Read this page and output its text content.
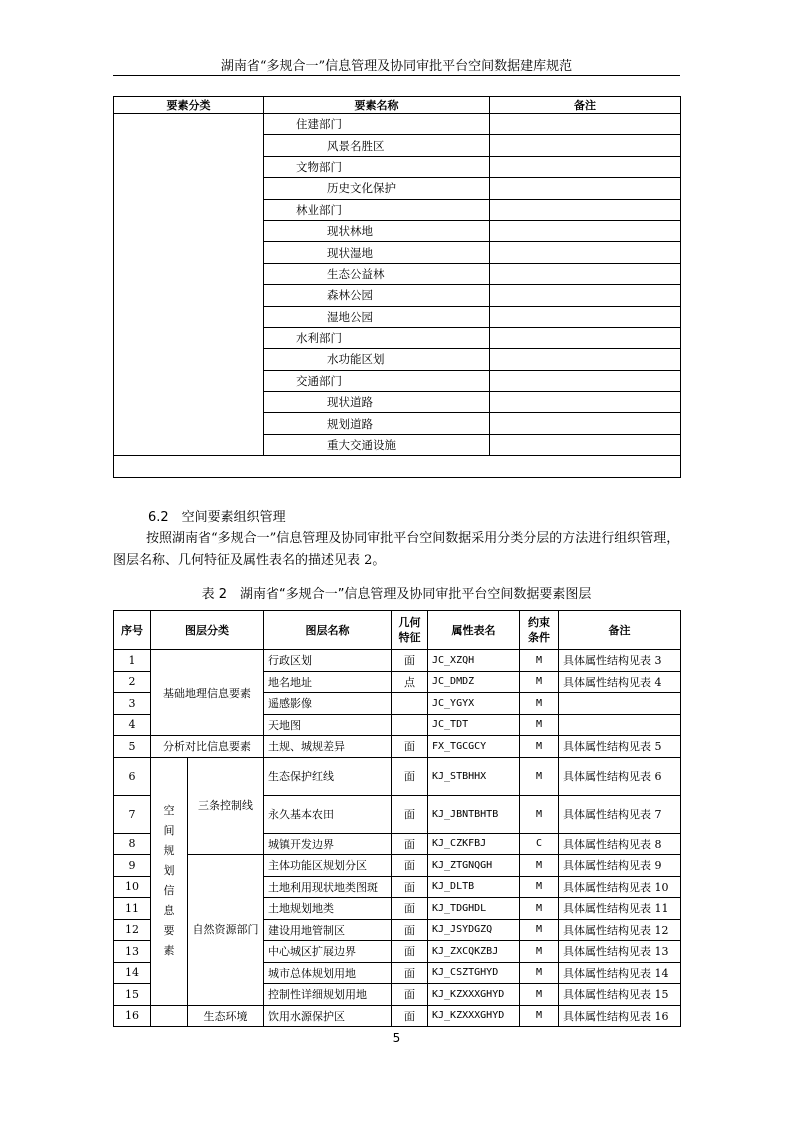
湖南省“多规合一”信息管理及协同审批平台空间数据建库规范
要素分类	要素名称	备注
	住建部门	
	风景名胜区	
	文物部门	
	历史文化保护	
	林业部门	
	现状林地	
	现状湿地	
	生态公益林	
	森林公园	
	湿地公园	
	水利部门	
	水功能区划	
	交通部门	
	现状道路	
	规划道路	
	重大交通设施	

6.2　空间要素组织管理
按照湖南省“多规合一”信息管理及协同审批平台空间数据采用分类分层的方法进行组织管理，图层名称、几何特征及属性表名的描述见表 2。
表 2　湖南省“多规合一”信息管理及协同审批平台空间数据要素图层
序号	图层分类		图层名称	几何特征	属性表名	约束条件	备注
1	基础地理信息要素		行政区划	面	JC_XZQH	M	具体属性结构见表 3
2			地名地址	点	JC_DMDZ	M	具体属性结构见表 4
3			遥感影像		JC_YGYX	M	
4			天地图		JC_TDT	M	
5	分析对比信息要素		土规、城规差异	面	FX_TGCGCY	M	具体属性结构见表 5
6	空间规划信息要素	三条控制线	生态保护红线	面	KJ_STBHHX	M	具体属性结构见表 6
7			永久基本农田	面	KJ_JBNTBHTB	M	具体属性结构见表 7
8			城镇开发边界	面	KJ_CZKFBJ	C	具体属性结构见表 8
9		自然资源部门	主体功能区规划分区	面	KJ_ZTGNQGH	M	具体属性结构见表 9
10			土地利用现状地类图斑	面	KJ_DLTB	M	具体属性结构见表 10
11			土地规划地类	面	KJ_TDGHDL	M	具体属性结构见表 11
12			建设用地管制区	面	KJ_JSYDGZQ	M	具体属性结构见表 12
13			中心城区扩展边界	面	KJ_ZXCQKZBJ	M	具体属性结构见表 13
14			城市总体规划用地	面	KJ_CSZTGHYD	M	具体属性结构见表 14
15			控制性详细规划用地	面	KJ_KZXXXGHYD	M	具体属性结构见表 15
16		生态环境	饮用水源保护区	面	KJ_KZXXXGHYD	M	具体属性结构见表 16
5
